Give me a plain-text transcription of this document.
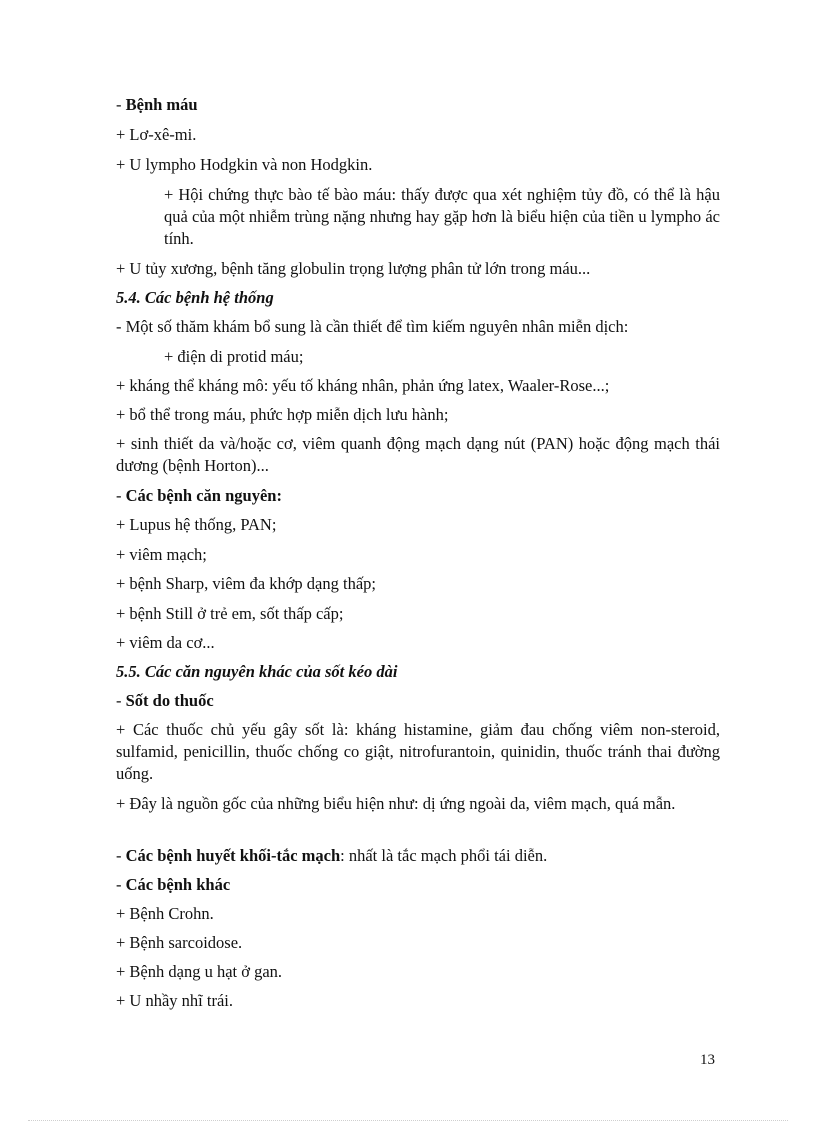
- Bệnh máu
+ Lơ-xê-mi.
+ U lympho Hodgkin và non Hodgkin.
+ Hội chứng thực bào tế bào máu: thấy được qua xét nghiệm tủy đồ, có thể là hậu quả của một nhiễm trùng nặng nhưng hay gặp hơn là biểu hiện của tiền u lympho ác tính.
+ U tủy xương, bệnh tăng globulin trọng lượng phân tử lớn trong máu...
5.4. Các bệnh hệ thống
- Một số thăm khám bổ sung là cần thiết để tìm kiếm nguyên nhân miễn dịch:
+ điện di protid máu;
+ kháng thể kháng mô: yếu tố kháng nhân, phản ứng latex, Waaler-Rose...;
+ bổ thể trong máu, phức hợp miễn dịch lưu hành;
+ sinh thiết da và/hoặc cơ, viêm quanh động mạch dạng nút (PAN) hoặc động mạch thái dương (bệnh Horton)...
- Các bệnh căn nguyên:
+ Lupus hệ thống, PAN;
+ viêm mạch;
+ bệnh Sharp, viêm đa khớp dạng thấp;
+ bệnh Still ở trẻ em, sốt thấp cấp;
+ viêm da cơ...
5.5. Các căn nguyên khác của sốt kéo dài
- Sốt do thuốc
+ Các thuốc chủ yếu gây sốt là: kháng histamine, giảm đau chống viêm non-steroid, sulfamid, penicillin, thuốc chống co giật, nitrofurantoin, quinidin, thuốc tránh thai đường uống.
+ Đây là nguồn gốc của những biểu hiện như: dị ứng ngoài da, viêm mạch, quá mẫn.
- Các bệnh huyết khối-tắc mạch: nhất là tắc mạch phổi tái diễn.
- Các bệnh khác
+ Bệnh Crohn.
+ Bệnh sarcoidose.
+ Bệnh dạng u hạt ở gan.
+ U nhầy nhĩ trái.
13
